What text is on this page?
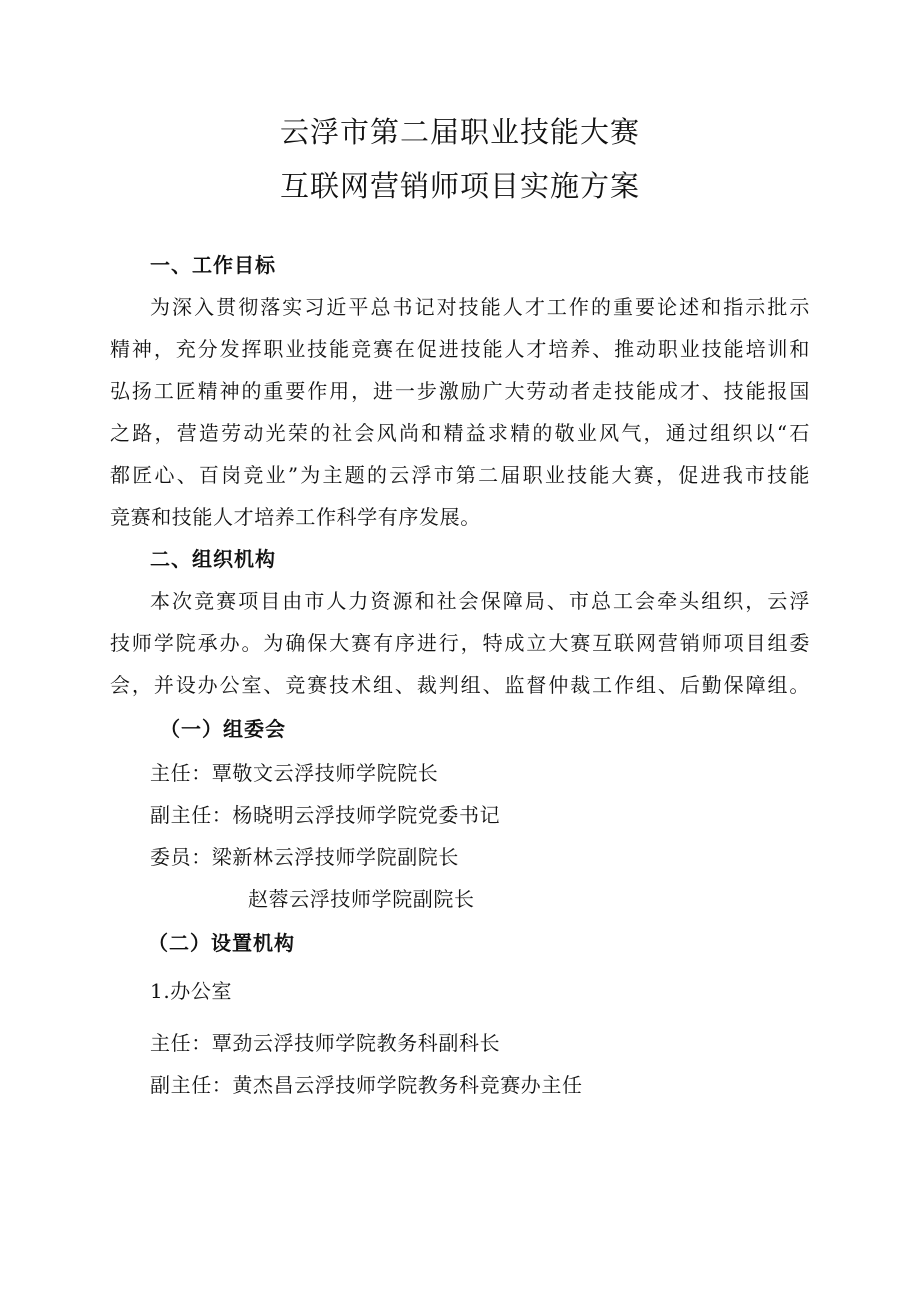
云浮市第二届职业技能大赛
互联网营销师项目实施方案
一、工作目标
为深入贯彻落实习近平总书记对技能人才工作的重要论述和指示批示
精神，充分发挥职业技能竞赛在促进技能人才培养、推动职业技能培训和
弘扬工匠精神的重要作用，进一步激励广大劳动者走技能成才、技能报国
之路，营造劳动光荣的社会风尚和精益求精的敬业风气，通过组织以“石
都匠心、百岗竞业”为主题的云浮市第二届职业技能大赛，促进我市技能
竞赛和技能人才培养工作科学有序发展。
二、组织机构
本次竞赛项目由市人力资源和社会保障局、市总工会牵头组织，云浮
技师学院承办。为确保大赛有序进行，特成立大赛互联网营销师项目组委
会，并设办公室、竞赛技术组、裁判组、监督仲裁工作组、后勤保障组。
（一）组委会
主任：覃敬文云浮技师学院院长
副主任：杨晓明云浮技师学院党委书记
委员：梁新林云浮技师学院副院长
赵蓉云浮技师学院副院长
（二）设置机构
1.办公室
主任：覃劲云浮技师学院教务科副科长
副主任：黄杰昌云浮技师学院教务科竞赛办主任
